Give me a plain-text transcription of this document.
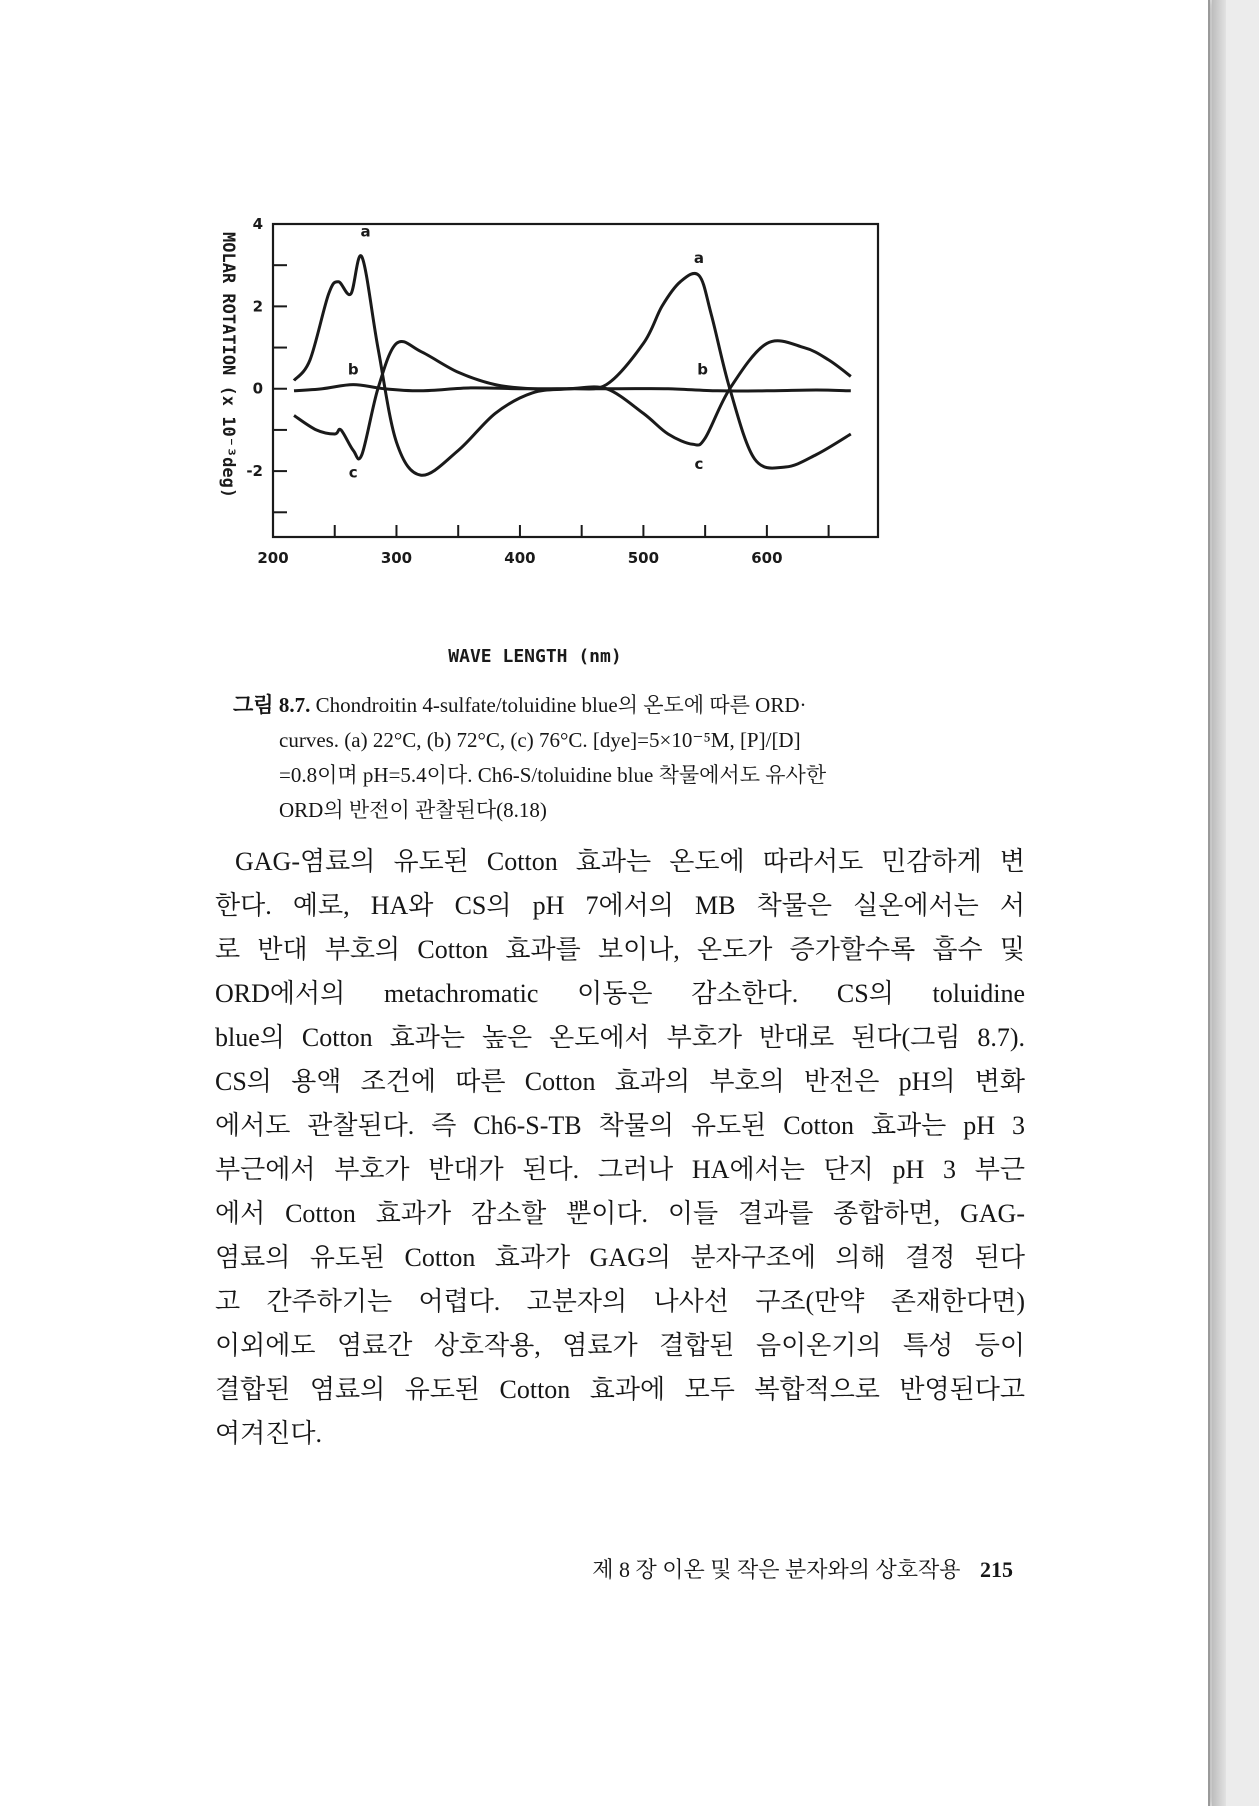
200	300	400	500	600
4
2
0
-2
a
a
b	b
c	c
MOLAR ROTATION (x 10⁻³deg)
WAVE LENGTH (nm)
그림 8.7. Chondroitin 4-sulfate/toluidine blue의 온도에 따른 ORD·
curves. (a) 22°C, (b) 72°C, (c) 76°C. [dye]=5×10⁻⁵M, [P]/[D]
=0.8이며 pH=5.4이다. Ch6-S/toluidine blue 착물에서도 유사한
ORD의 반전이 관찰된다(8.18)
GAG-염료의 유도된 Cotton 효과는 온도에 따라서도 민감하게 변
한다. 예로, HA와 CS의 pH 7에서의 MB 착물은 실온에서는 서
로 반대 부호의 Cotton 효과를 보이나, 온도가 증가할수록 흡수 및
ORD에서의 metachromatic 이동은 감소한다. CS의 toluidine
blue의 Cotton 효과는 높은 온도에서 부호가 반대로 된다(그림 8.7).
CS의 용액 조건에 따른 Cotton 효과의 부호의 반전은 pH의 변화
에서도 관찰된다. 즉 Ch6-S-TB 착물의 유도된 Cotton 효과는 pH 3
부근에서 부호가 반대가 된다. 그러나 HA에서는 단지 pH 3 부근
에서 Cotton 효과가 감소할 뿐이다. 이들 결과를 종합하면, GAG-
염료의 유도된 Cotton 효과가 GAG의 분자구조에 의해 결정 된다
고 간주하기는 어렵다. 고분자의 나사선 구조(만약 존재한다면)
이외에도 염료간 상호작용, 염료가 결합된 음이온기의 특성 등이
결합된 염료의 유도된 Cotton 효과에 모두 복합적으로 반영된다고
여겨진다.
제 8 장 이온 및 작은 분자와의 상호작용 215
